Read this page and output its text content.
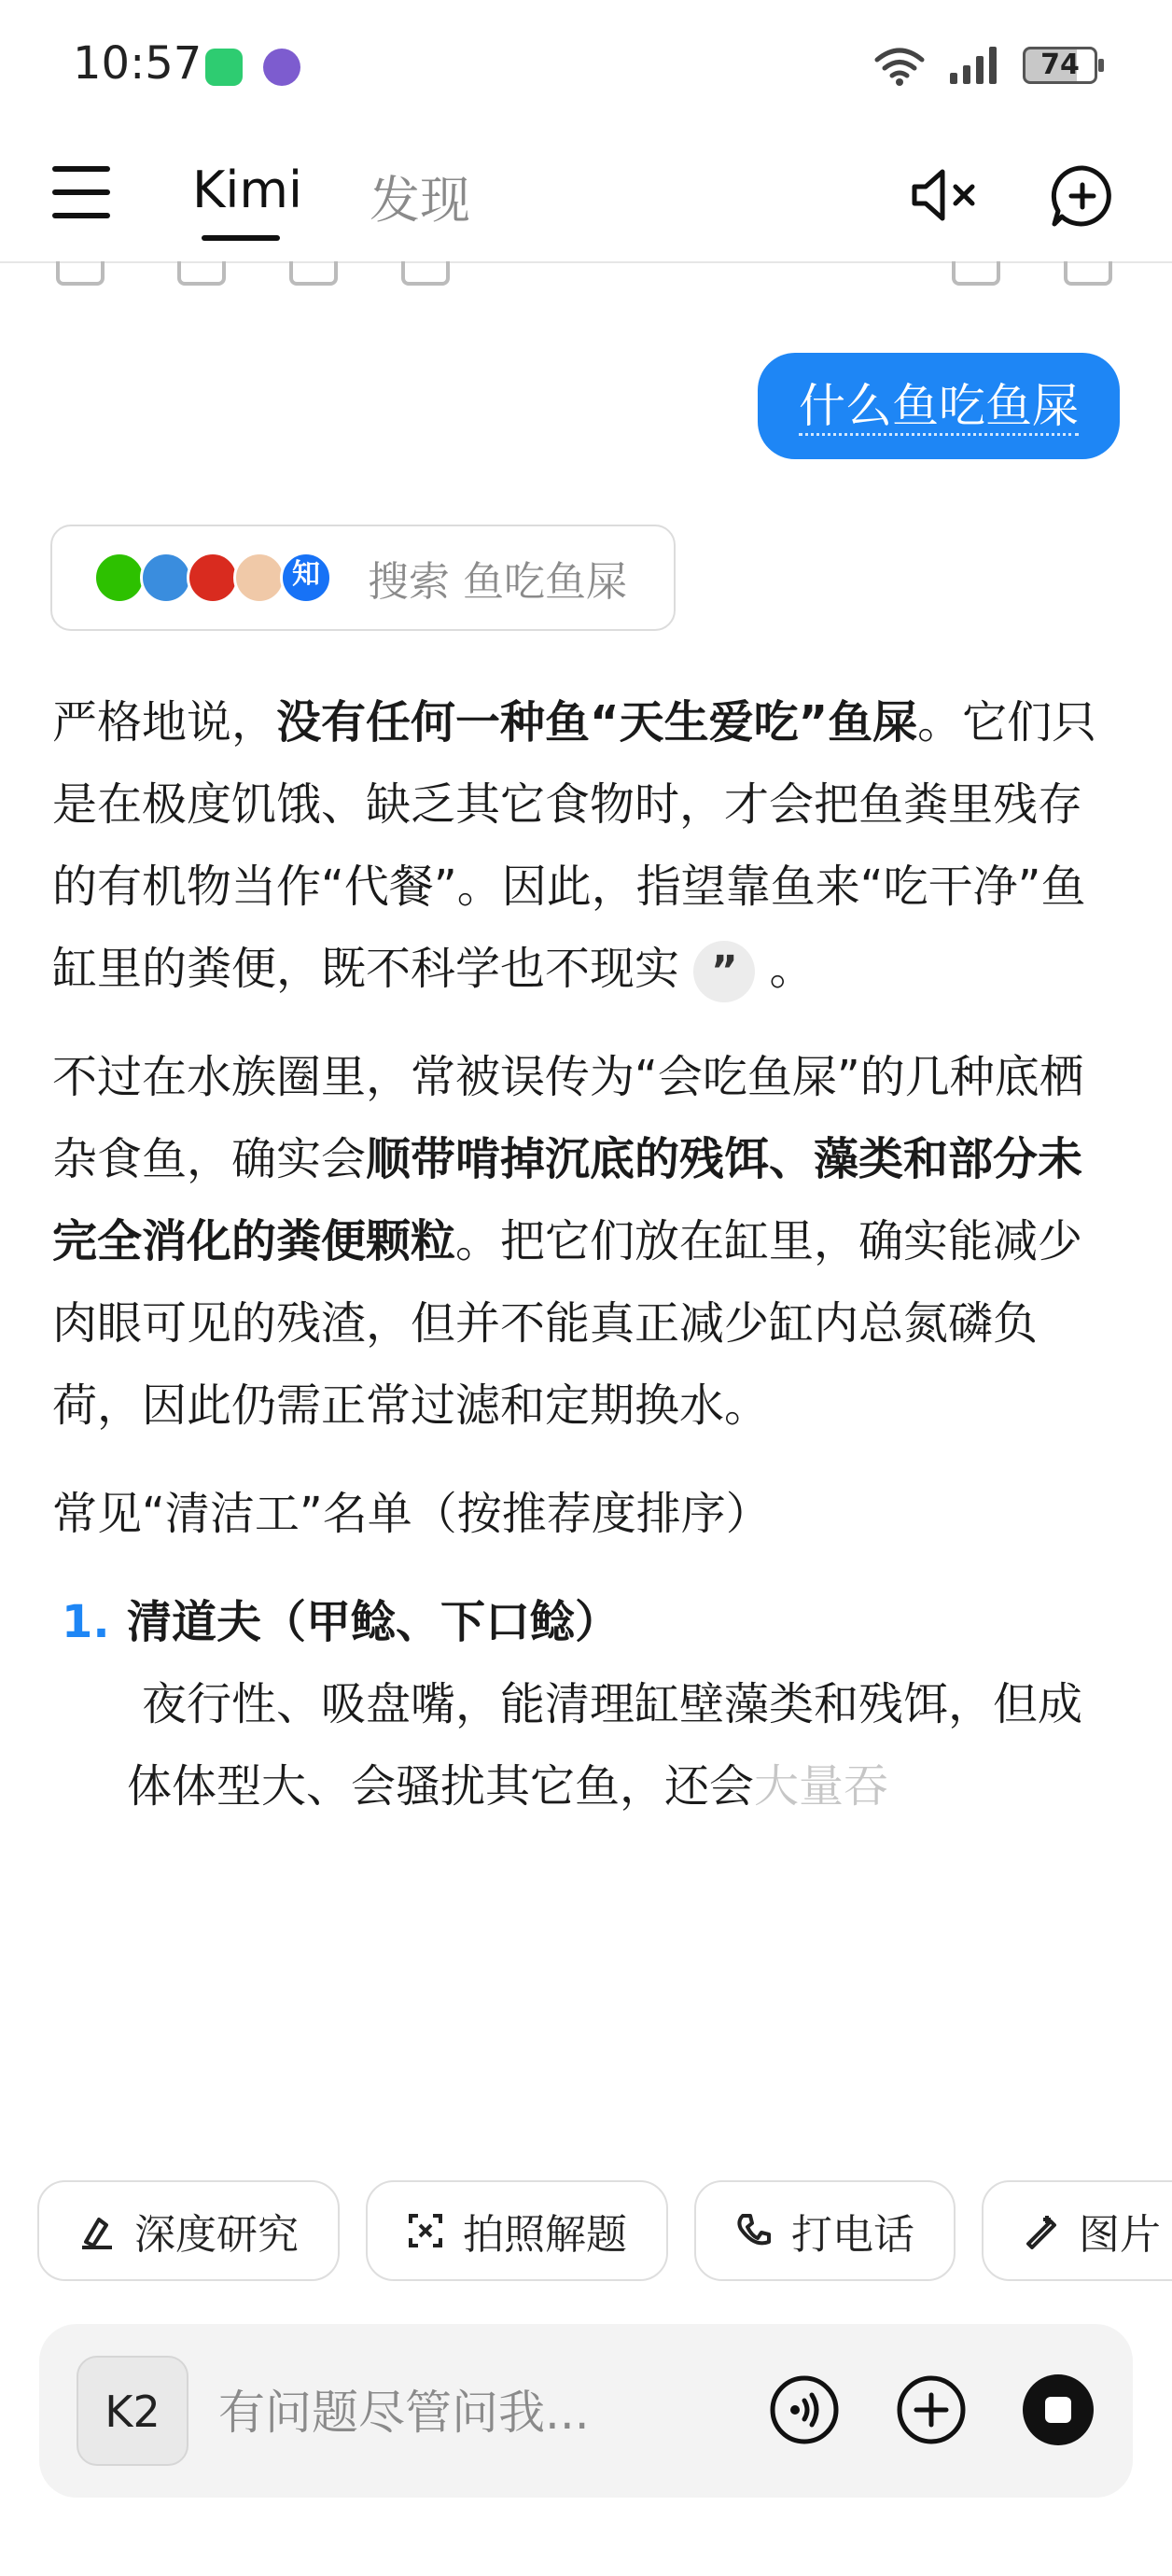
10:57	74
Kimi 发现
什么鱼吃鱼屎
知 搜索 鱼吃鱼屎

严格地说，没有任何一种鱼“天生爱吃”鱼屎。它们只是在极度饥饿、缺乏其它食物时，才会把鱼粪里残存的有机物当作“代餐”。因此，指望靠鱼来“吃干净”鱼缸里的粪便，既不科学也不现实 ” 。

不过在水族圈里，常被误传为“会吃鱼屎”的几种底栖杂食鱼，确实会顺带啃掉沉底的残饵、藻类和部分未完全消化的粪便颗粒。把它们放在缸里，确实能减少肉眼可见的残渣，但并不能真正减少缸内总氮磷负荷，因此仍需正常过滤和定期换水。

常见“清洁工”名单（按推荐度排序）

1. 清道夫（甲鲶、下口鲶）
夜行性、吸盘嘴，能清理缸壁藻类和残饵，但成体体型大、会骚扰其它鱼，还会大量吞
深度研究	拍照解题	打电话	图片
K2
有问题尽管问我...
